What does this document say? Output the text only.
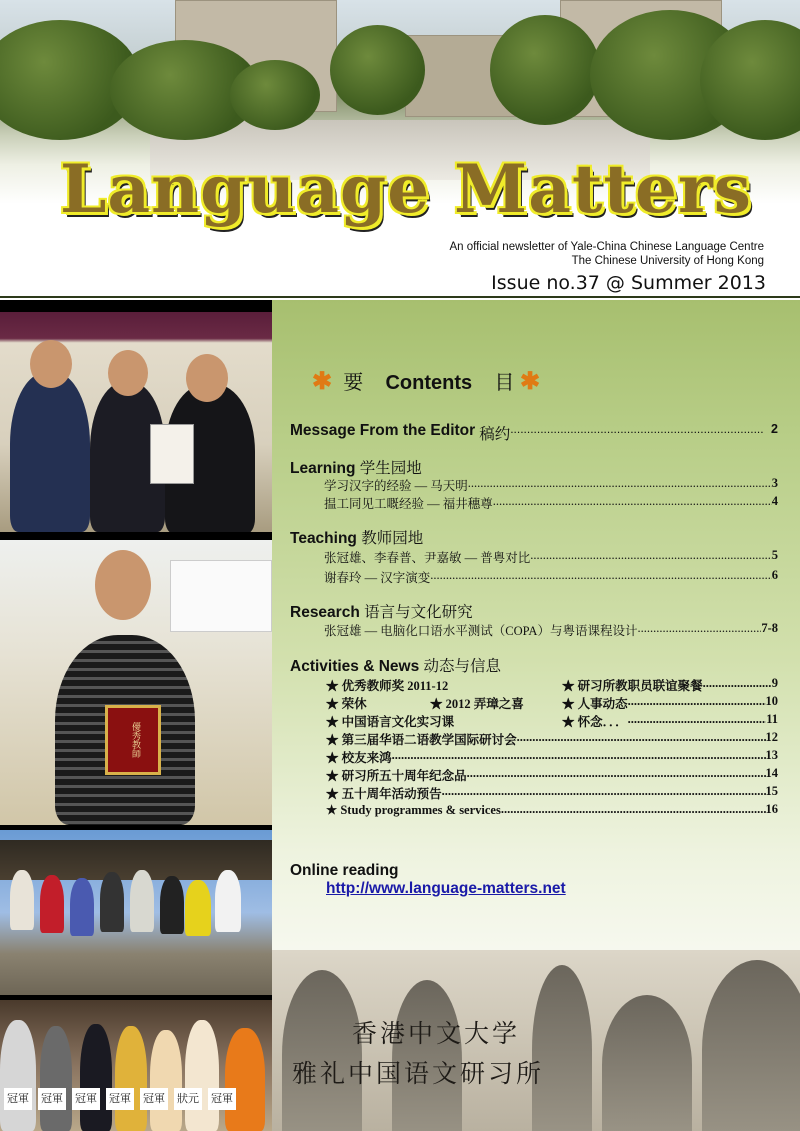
Language Matters
An official newsletter of Yale-China Chinese Language Centre
The Chinese University of Hong Kong
Issue no.37 @ Summer 2013
優秀教師
冠軍 冠軍 冠軍 冠軍 冠軍 狀元 冠軍
✱ 要 Contents 目 ✱
Message From the Editor 稿约 .....	2
Learning 学生园地
学习汉字的经验 — 马天明 .....	3
揾工同见工嘅经验 — 福井穗尊 .....	4
Teaching 教师园地
张冠雄、李春普、尹嘉敏 — 普粤对比 .....	5
谢春玲 — 汉字演变 .....	6
Research 语言与文化研究
张冠雄 — 电脑化口语水平测试（COPA）与粤语课程设计 .....	7-8
Activities & News 动态与信息
★ 优秀教师奖 2011-12	★ 研习所教职员联谊聚餐 .....	9
★ 荣休	★ 2012 弄璋之喜	★ 人事动态 .....	10
★ 中国语言文化实习课	★ 怀念．．． .....	11
★ 第三届华语二语教学国际研讨会 .....	12
★ 校友来鸿 .....	13
★ 研习所五十周年纪念品 .....	14
★ 五十周年活动预告 .....	15
★ Study programmes & services .....	16
Online reading
http://www.language-matters.net
香港中文大学
雅礼中国语文研习所
